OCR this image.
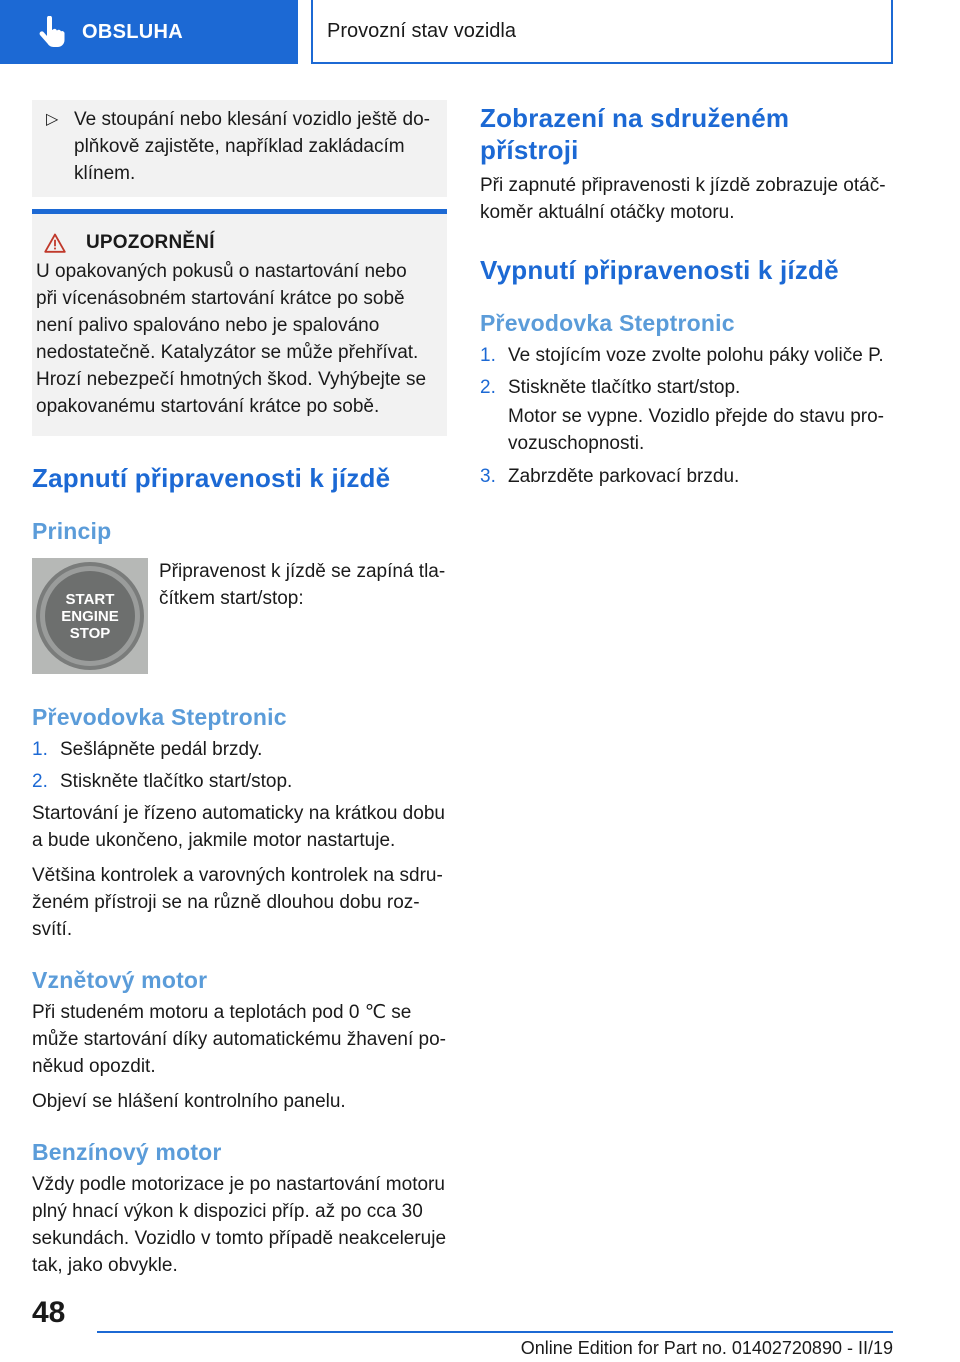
OBSLUHA	Provozní stav vozidla
▷ Ve stoupání nebo klesání vozidlo ještě doplňkově zajistěte, například zakládacím klínem.

UPOZORNĚNÍ

U opakovaných pokusů o nastartování nebo při vícenásobném startování krátce po sobě není palivo spalováno nebo je spalováno nedostatečně. Katalyzátor se může přehřívat. Hrozí nebezpečí hmotných škod. Vyhýbejte se opakovanému startování krátce po sobě.

Zapnutí připravenosti k jízdě
Princip
START
ENGINE
STOP

Připravenost k jízdě se zapíná tlačítkem start/stop:

Převodovka Steptronic
1. Sešlápněte pedál brzdy.
2. Stiskněte tlačítko start/stop.

Startování je řízeno automaticky na krátkou dobu a bude ukončeno, jakmile motor nastartuje.

Většina kontrolek a varovných kontrolek na sdruženém přístroji se na různě dlouhou dobu rozsvítí.

Vznětový motor

Při studeném motoru a teplotách pod 0 ℃ se může startování díky automatickému žhavení poněkud opozdit.

Objeví se hlášení kontrolního panelu.

Benzínový motor

Vždy podle motorizace je po nastartování motoru plný hnací výkon k dispozici příp. až po cca 30 sekundách. Vozidlo v tomto případě neakceleruje tak, jako obvykle.

Zobrazení na sdruženém přístroji

Při zapnuté připravenosti k jízdě zobrazuje otáčkoměr aktuální otáčky motoru.

Vypnutí připravenosti k jízdě
Převodovka Steptronic
1. Ve stojícím voze zvolte polohu páky voliče P.
2. Stiskněte tlačítko start/stop.

Motor se vypne. Vozidlo přejde do stavu provozuschopnosti.

3. Zabrzděte parkovací brzdu.
48
Online Edition for Part no. 01402720890 - II/19
